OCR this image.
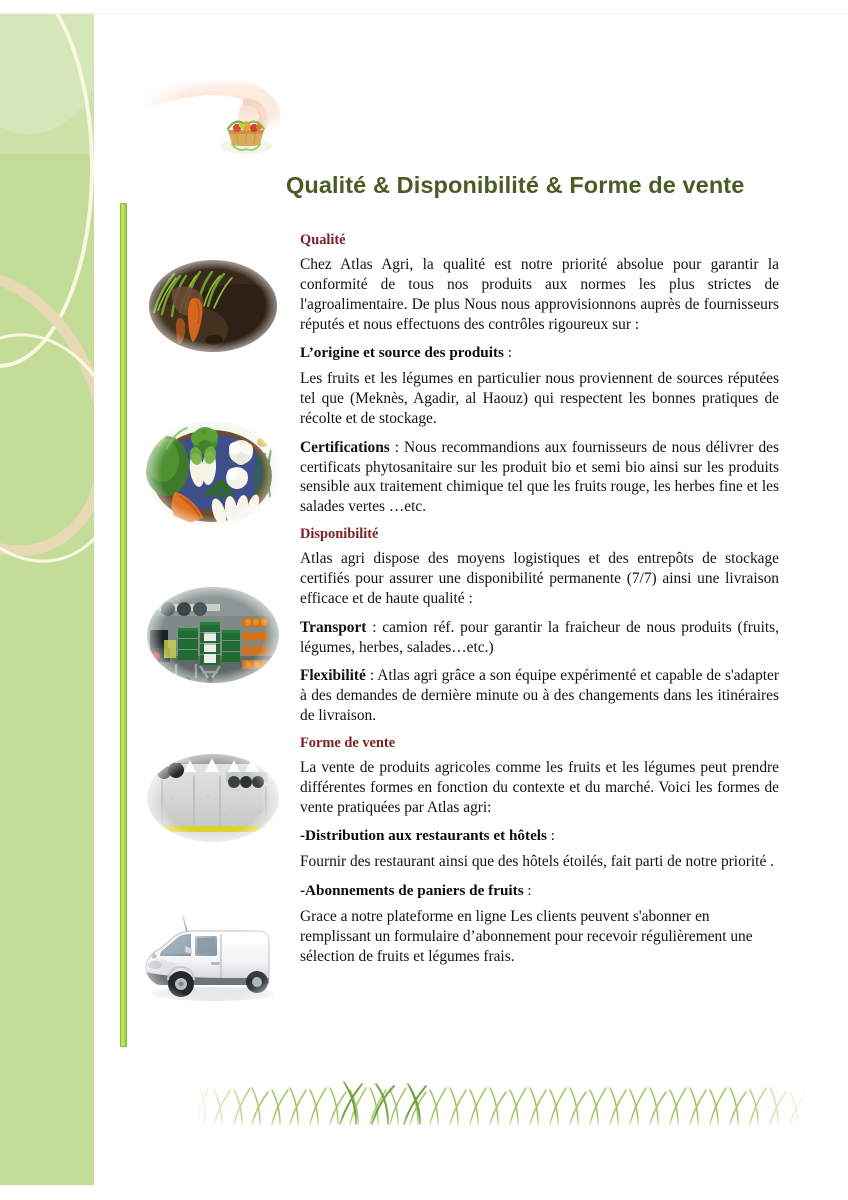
Qualité & Disponibilité & Forme de vente
Qualité

Chez Atlas Agri, la qualité est notre priorité absolue pour garantir la conformité de tous nos produits aux normes les plus strictes de l'agroalimentaire. De plus Nous nous approvisionnons auprès de fournisseurs réputés et nous effectuons des contrôles rigoureux sur :

L’origine et source des produits :

Les fruits et les légumes en particulier nous proviennent de sources réputées tel que (Meknès, Agadir, al Haouz) qui respectent les bonnes pratiques de récolte et de stockage.

Certifications : Nous recommandions aux fournisseurs de nous délivrer des certificats phytosanitaire sur les produit bio et semi bio ainsi sur les produits sensible aux traitement chimique tel que les fruits rouge, les herbes fine et les salades vertes …etc.

Disponibilité

Atlas agri dispose des moyens logistiques et des entrepôts de stockage certifiés pour assurer une disponibilité permanente (7/7) ainsi une livraison efficace et de haute qualité :

Transport : camion réf. pour garantir la fraicheur de nous produits (fruits, légumes, herbes, salades…etc.)

Flexibilité : Atlas agri grâce a son équipe expérimenté et capable de s'adapter à des demandes de dernière minute ou à des changements dans les itinéraires de livraison.

Forme de vente

La vente de produits agricoles comme les fruits et les légumes peut prendre différentes formes en fonction du contexte et du marché. Voici les formes de vente pratiquées par Atlas agri:

-Distribution aux restaurants et hôtels :

Fournir des restaurant ainsi que des hôtels étoilés, fait parti de notre priorité .

-Abonnements de paniers de fruits :

Grace a notre plateforme en ligne Les clients peuvent s'abonner en remplissant un formulaire d’abonnement pour recevoir régulièrement une sélection de fruits et légumes frais.
